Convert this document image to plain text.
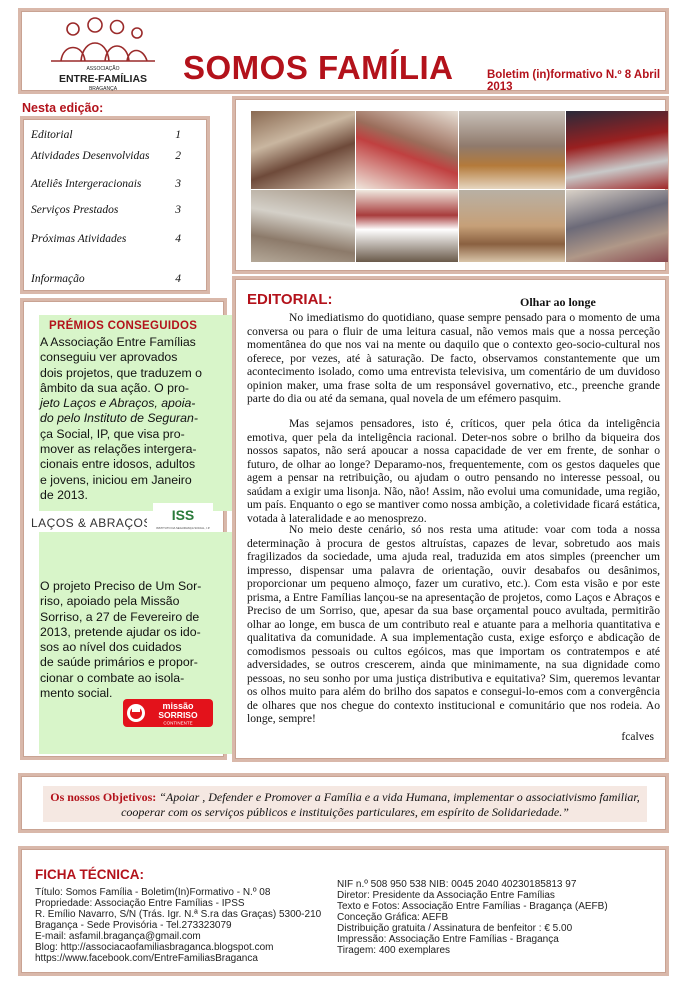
ASSOCIAÇÃO
ENTRE-FAMÍLIAS
BRAGANÇA
SOMOS FAMÍLIA	Boletim (in)formativo N.º 8 Abril 2013
Nesta edição:
Editorial	1
Atividades Desenvolvidas 2
Ateliês Intergeracionais	3
Serviços Prestados	3
Próximas Atividades	4
Informação	4
PRÉMIOS CONSEGUIDOS
A Associação Entre Famílias
conseguiu ver aprovados
dois projetos, que traduzem o
âmbito da sua ação. O pro-
jeto Laços e Abraços, apoia-
do pelo Instituto de Seguran-
ça Social, IP, que visa pro-
mover as relações intergera-
cionais entre idosos, adultos
e jovens, iniciou em Janeiro
de 2013.
LAÇOS & ABRAÇOS ISS
INSTITUTO DA SEGURANÇA SOCIAL, I.P.
O projeto Preciso de Um Sor-
riso, apoiado pela Missão
Sorriso, a 27 de Fevereiro de
2013, pretende ajudar os ido-
sos ao nível dos cuidados
de saúde primários e propor-
cionar o combate ao isola-
mento social.
missão
SORRISO
CONTINENTE
EDITORIAL:	Olhar ao longe
No imediatismo do quotidiano, quase sempre pensado para o momento de uma conversa ou para o fluir de uma leitura casual, não vemos mais que a nossa perceção momentânea do que nos vai na mente ou daquilo que o contexto geo-socio-cultural nos oferece, por vezes, até à saturação. De facto, observamos constantemente que um acontecimento isolado, como uma entrevista televisiva, um comentário de um duvidoso opinion maker, uma frase solta de um responsável governativo, etc., preenche grande parte do dia ou até da semana, qual novela de um efémero pasquim.
Mas sejamos pensadores, isto é, críticos, quer pela ótica da inteligência emotiva, quer pela da inteligência racional. Deter-nos sobre o brilho da biqueira dos nossos sapatos, não será apoucar a nossa capacidade de ver em frente, de sonhar o futuro, de olhar ao longe? Deparamo-nos, frequentemente, com os gestos daqueles que agem a pensar na retribuição, ou ajudam o outro pensando no interesse pessoal, ou saúdam a exigir uma lisonja. Não, não! Assim, não evolui uma comunidade, uma região, um país. Enquanto o ego se mantiver como nossa ambição, a coletividade ficará estática, votada à lateralidade e ao menosprezo.
No meio deste cenário, só nos resta uma atitude: voar com toda a nossa determinação à procura de gestos altruístas, capazes de levar, sobretudo aos mais fragilizados da sociedade, uma ajuda real, traduzida em atos simples (preencher um impresso, dispensar uma palavra de orientação, ouvir desabafos ou desânimos, proporcionar um pequeno almoço, fazer um curativo, etc.). Com esta visão e por este prisma, a Entre Famílias lançou-se na apresentação de projetos, como Laços e Abraços e Preciso de um Sorriso, que, apesar da sua base orçamental pouco avultada, permitirão olhar ao longe, em busca de um contributo real e atuante para a melhoria quantitativa e qualitativa da comunidade. A sua implementação custa, exige esforço e abdicação de comodismos pessoais ou cultos egóicos, mas que importam os contratempos e até adversidades, se outros crescerem, ainda que minimamente, na sua dignidade como pessoas, no seu sonho por uma justiça distributiva e equitativa? Sim, queremos levantar os olhos muito para além do brilho dos sapatos e consegui-lo-emos com a convergência de olhares que nos chegue do contexto institucional e comunitário que nos rodeia. Ao longe, sempre!
fcalves
Os nossos Objetivos: “Apoiar , Defender e Promover a Família e a vida Humana, implementar o associativismo familiar, cooperar com os serviços públicos e instituições particulares, em espírito de Solidariedade.”
FICHA TÉCNICA:
Título: Somos Família - Boletim(In)Formativo - N.º 08
Propriedade: Associação Entre Famílias - IPSS
R. Emílio Navarro, S/N (Trás. Igr. N.ª S.ra das Graças) 5300-210
Bragança - Sede Provisória - Tel.273323079
E-mail: asfamil.bragança@gmail.com
Blog: http://associacaofamiliasbraganca.blogspot.com
https://www.facebook.com/EntreFamiliasBraganca
NIF n.º 508 950 538 NIB: 0045 2040 40230185813 97
Diretor: Presidente da Associação Entre Famílias
Texto e Fotos: Associação Entre Famílias - Bragança (AEFB)
Conceção Gráfica: AEFB
Distribuição gratuita / Assinatura de benfeitor : € 5.00
Impressão: Associação Entre Famílias - Bragança
Tiragem: 400 exemplares
